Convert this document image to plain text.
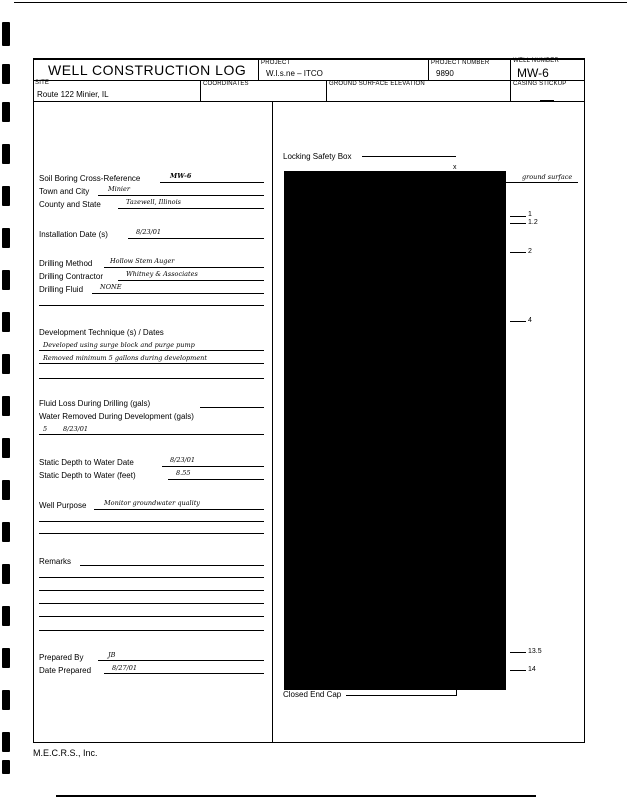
WELL CONSTRUCTION LOG PROJECT
W.I.s.ne – ITCO
PROJECT NUMBER
9890
WELL NUMBER
MW-6
SITE
Route 122 Minier, IL
COORDINATES	GROUND SURFACE ELEVATION	CASING STICKUP
Soil Boring Cross-Reference	MW-6
Town and City	Minier
County and State	Tazewell, Illinois
Installation Date (s)	8/23/01
Drilling Method	Hollow Stem Auger
Drilling Contractor	Whitney & Associates
Drilling Fluid	NONE
Development Technique (s) / Dates
Developed using surge block and purge pump
Removed minimum 5 gallons during development
Fluid Loss During Drilling (gals)
Water Removed During Development (gals)
5 8/23/01
Static Depth to Water Date	8/23/01
Static Depth to Water (feet)	8.55
Well Purpose	Monitor groundwater quality
Remarks
Prepared By	JB
Date Prepared	8/27/01
Locking Safety Box
x
ground surface
1
1.2
2
4
13.5
14
Closed End Cap
M.E.C.R.S., Inc.
